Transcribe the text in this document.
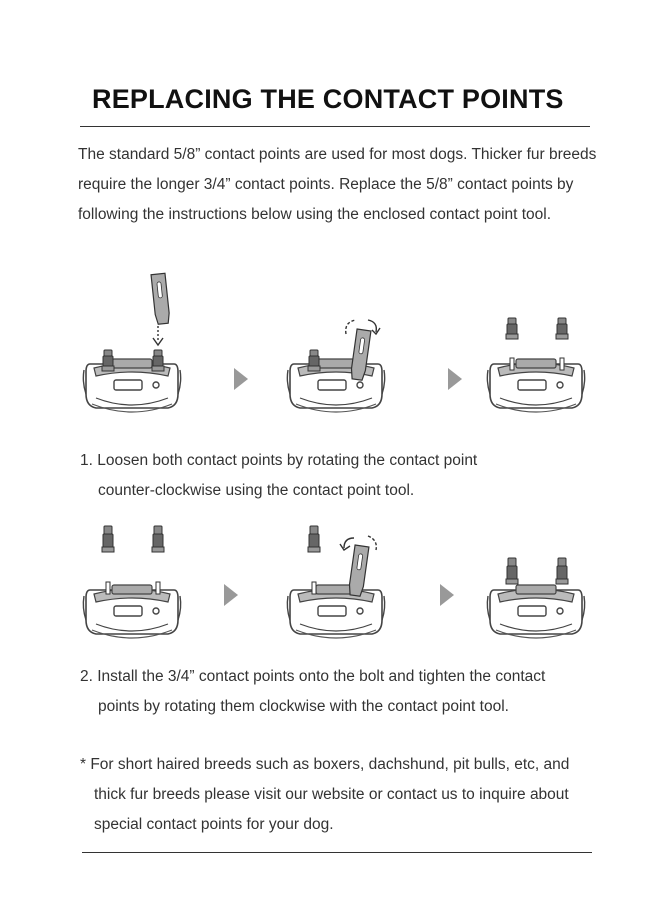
REPLACING THE CONTACT POINTS
The standard 5/8” contact points are used for most dogs. Thicker fur breeds require the longer 3/4” contact points. Replace the 5/8” contact points by following the instructions below using the enclosed contact point tool.
1. Loosen both contact points by rotating the contact point
counter-clockwise using the contact point tool.
2. Install the 3/4” contact points onto the bolt and tighten the contact
points by rotating them clockwise with the contact point tool.
* For short haired breeds such as boxers, dachshund, pit bulls, etc, and
thick fur breeds please visit our website or contact us to inquire about
special contact points for your dog.
